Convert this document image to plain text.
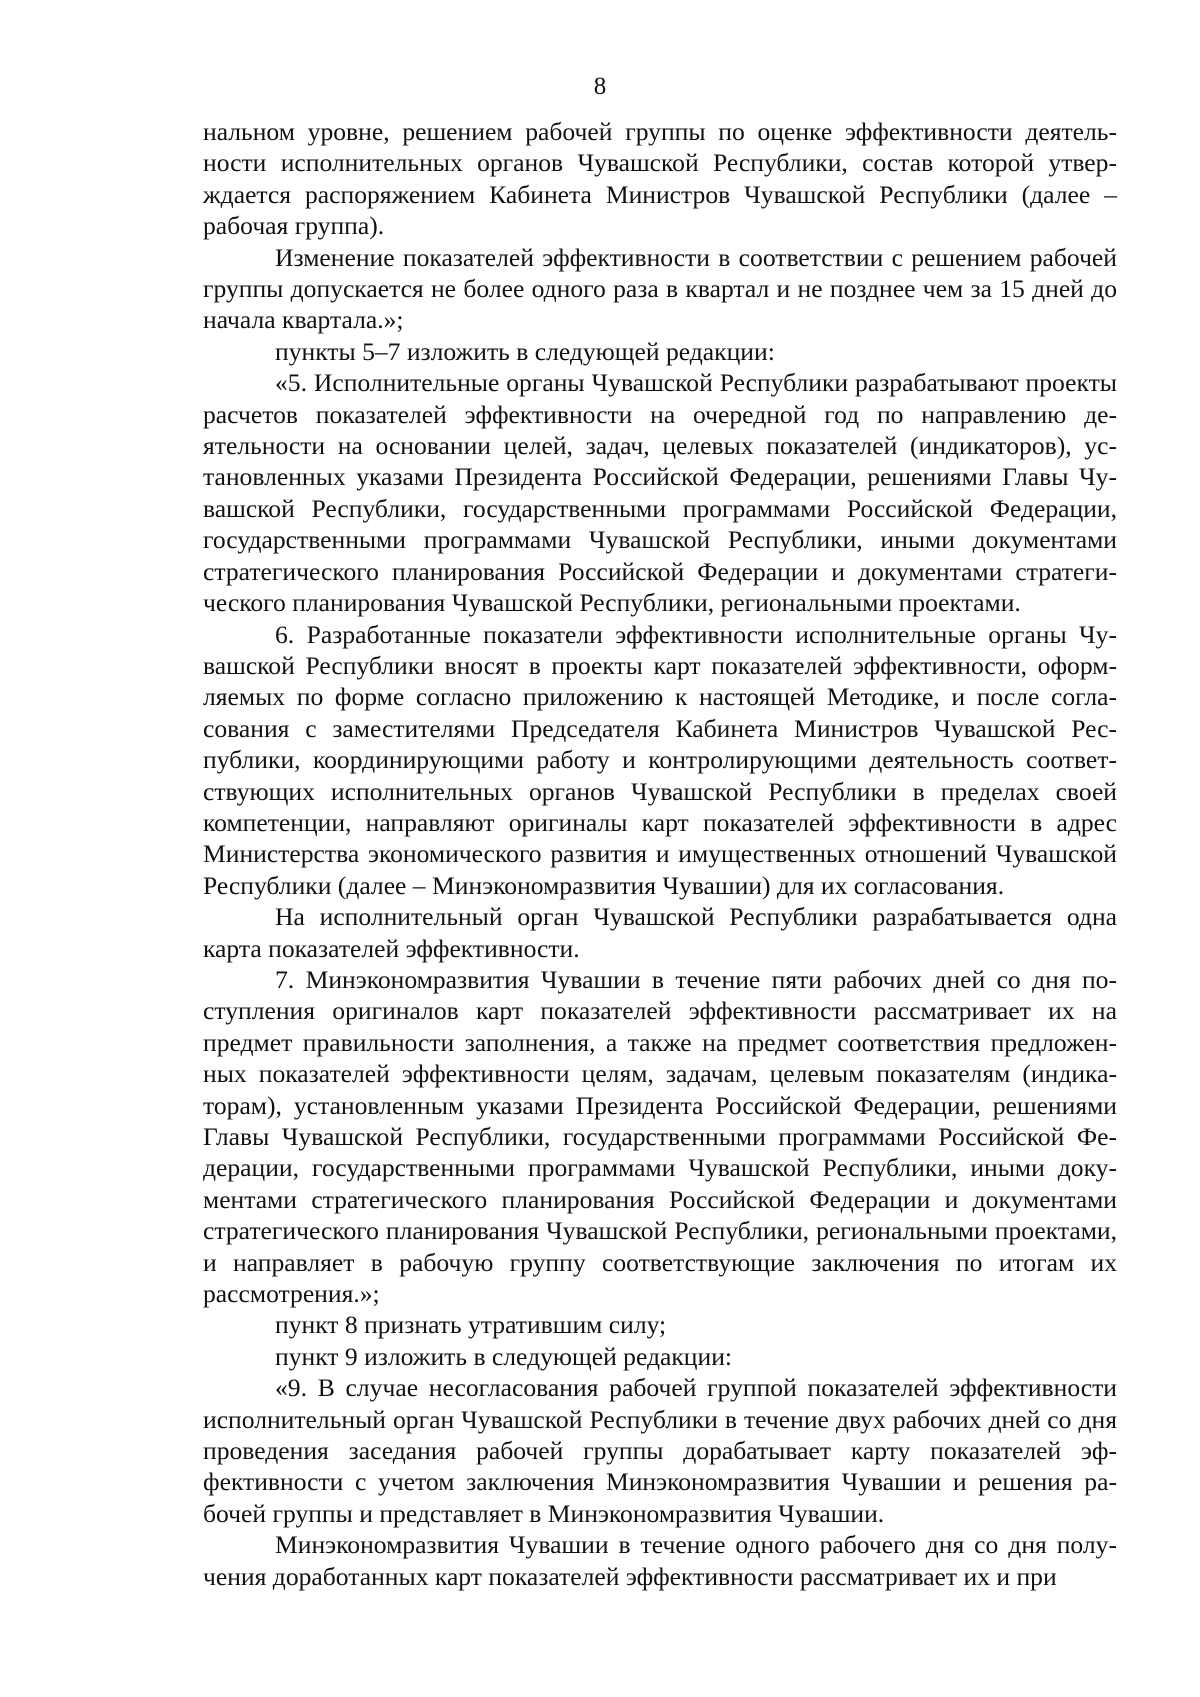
8

нальном уровне, решением рабочей группы по оценке эффективности деятельности исполнительных органов Чувашской Республики, состав которой утверждается распоряжением Кабинета Министров Чувашской Республики (далее – рабочая группа).

Изменение показателей эффективности в соответствии с решением рабочей группы допускается не более одного раза в квартал и не позднее чем за 15 дней до начала квартала.»;

пункты 5–7 изложить в следующей редакции:

«5. Исполнительные органы Чувашской Республики разрабатывают проекты расчетов показателей эффективности на очередной год по направлению деятельности на основании целей, задач, целевых показателей (индикаторов), установленных указами Президента Российской Федерации, решениями Главы Чувашской Республики, государственными программами Российской Федерации, государственными программами Чувашской Республики, иными документами стратегического планирования Российской Федерации и документами стратегического планирования Чувашской Республики, региональными проектами.

6. Разработанные показатели эффективности исполнительные органы Чувашской Республики вносят в проекты карт показателей эффективности, оформляемых по форме согласно приложению к настоящей Методике, и после согласования с заместителями Председателя Кабинета Министров Чувашской Республики, координирующими работу и контролирующими деятельность соответствующих исполнительных органов Чувашской Республики в пределах своей компетенции, направляют оригиналы карт показателей эффективности в адрес Министерства экономического развития и имущественных отношений Чувашской Республики (далее – Минэкономразвития Чувашии) для их согласования.

На исполнительный орган Чувашской Республики разрабатывается одна карта показателей эффективности.

7. Минэкономразвития Чувашии в течение пяти рабочих дней со дня поступления оригиналов карт показателей эффективности рассматривает их на предмет правильности заполнения, а также на предмет соответствия предложенных показателей эффективности целям, задачам, целевым показателям (индикаторам), установленным указами Президента Российской Федерации, решениями Главы Чувашской Республики, государственными программами Российской Федерации, государственными программами Чувашской Республики, иными документами стратегического планирования Российской Федерации и документами стратегического планирования Чувашской Республики, региональными проектами, и направляет в рабочую группу соответствующие заключения по итогам их рассмотрения.»;

пункт 8 признать утратившим силу;

пункт 9 изложить в следующей редакции:

«9. В случае несогласования рабочей группой показателей эффективности исполнительный орган Чувашской Республики в течение двух рабочих дней со дня проведения заседания рабочей группы дорабатывает карту показателей эффективности с учетом заключения Минэкономразвития Чувашии и решения рабочей группы и представляет в Минэкономразвития Чувашии.

Минэкономразвития Чувашии в течение одного рабочего дня со дня получения доработанных карт показателей эффективности рассматривает их и при
